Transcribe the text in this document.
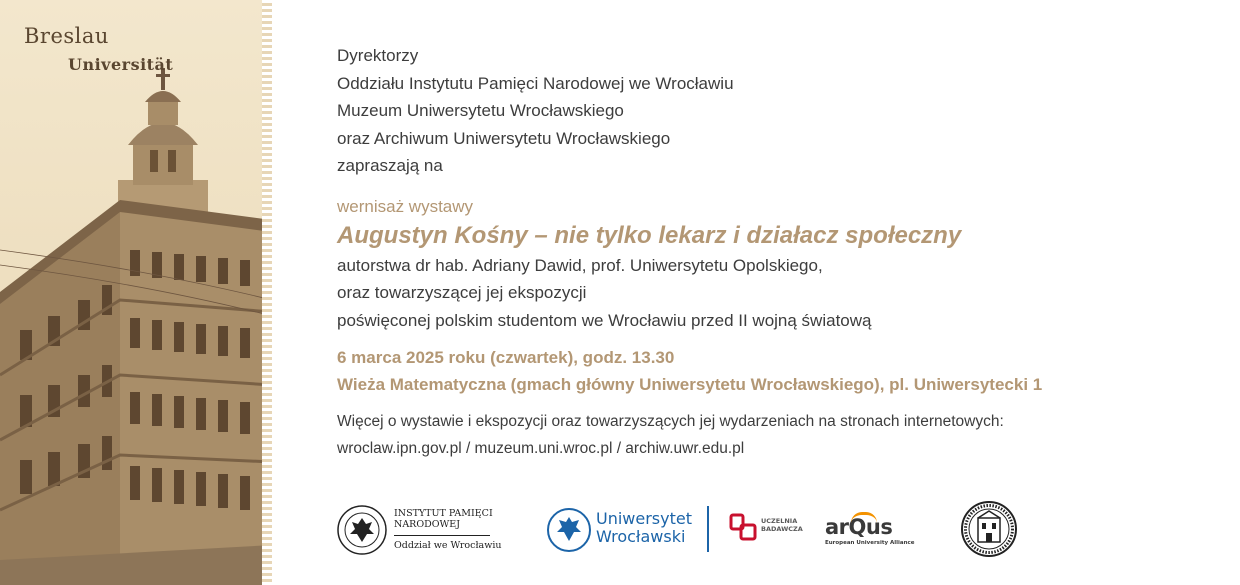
Breslau
Universität	Dyrektorzy
Oddziału Instytutu Pamięci Narodowej we Wrocławiu
Muzeum Uniwersytetu Wrocławskiego
oraz Archiwum Uniwersytetu Wrocławskiego
zapraszają na
wernisaż wystawy
Augustyn Kośny – nie tylko lekarz i działacz społeczny
autorstwa dr hab. Adriany Dawid, prof. Uniwersytetu Opolskiego,
oraz towarzyszącej jej ekspozycji
poświęconej polskim studentom we Wrocławiu przed II wojną światową
6 marca 2025 roku (czwartek), godz. 13.30
Wieża Matematyczna (gmach główny Uniwersytetu Wrocławskiego), pl. Uniwersytecki 1
Więcej o wystawie i ekspozycji oraz towarzyszących jej wydarzeniach na stronach internetowych:
wroclaw.ipn.gov.pl / muzeum.uni.wroc.pl / archiw.uwr.edu.pl
INSTYTUT PAMIĘCI
NARODOWEJ
Oddział we Wrocławiu
Uniwersytet
Wrocławski
UCZELNIA
BADAWCZA arQus
European University Alliance
